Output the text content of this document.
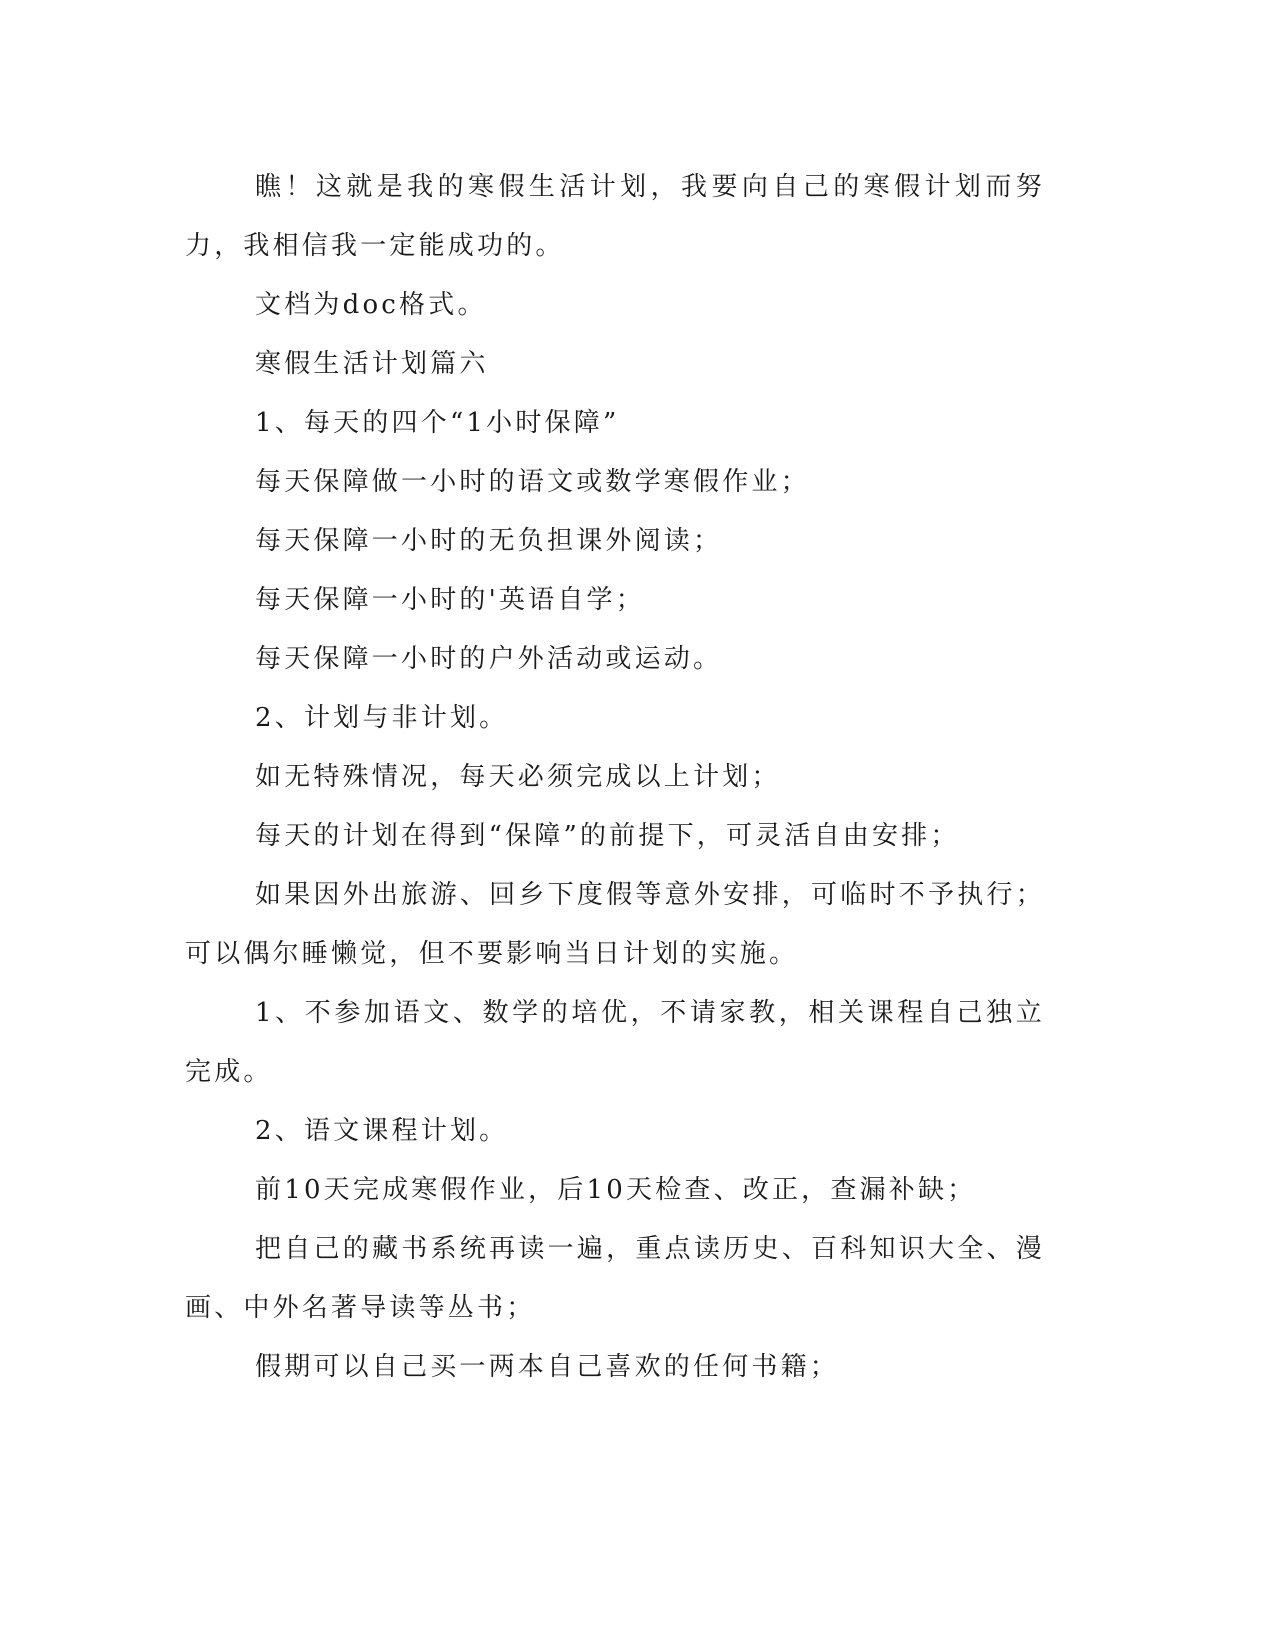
瞧！这就是我的寒假生活计划，我要向自己的寒假计划而努力，我相信我一定能成功的。

文档为doc格式。

寒假生活计划篇六

1、每天的四个“1小时保障”

每天保障做一小时的语文或数学寒假作业；

每天保障一小时的无负担课外阅读；

每天保障一小时的'英语自学；

每天保障一小时的户外活动或运动。

2、计划与非计划。

如无特殊情况，每天必须完成以上计划；

每天的计划在得到“保障”的前提下，可灵活自由安排；

如果因外出旅游、回乡下度假等意外安排，可临时不予执行；可以偶尔睡懒觉，但不要影响当日计划的实施。

1、不参加语文、数学的培优，不请家教，相关课程自己独立完成。

2、语文课程计划。

前10天完成寒假作业，后10天检查、改正，查漏补缺；

把自己的藏书系统再读一遍，重点读历史、百科知识大全、漫画、中外名著导读等丛书；

假期可以自己买一两本自己喜欢的任何书籍；
